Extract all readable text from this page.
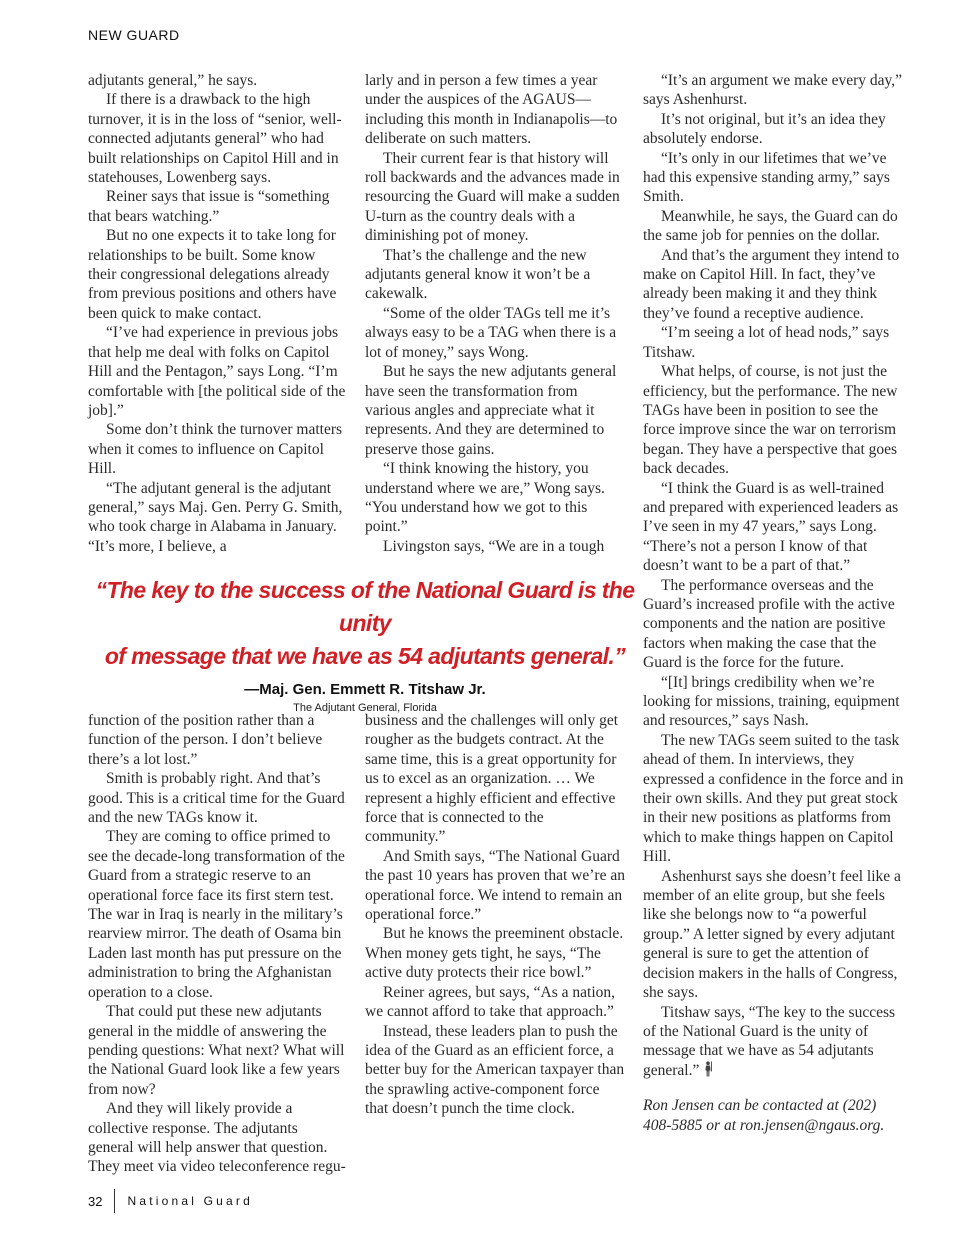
NEW GUARD

adjutants general,” he says.

If there is a drawback to the high turnover, it is in the loss of “senior, well-connected adjutants general” who had built relationships on Capitol Hill and in statehouses, Lowenberg says.

Reiner says that issue is “something that bears watching.”

But no one expects it to take long for relationships to be built. Some know their congressional delegations already from previous positions and others have been quick to make contact.

“I’ve had experience in previous jobs that help me deal with folks on Capitol Hill and the Pentagon,” says Long. “I’m comfortable with [the political side of the job].”

Some don’t think the turnover matters when it comes to influence on Capitol Hill.

“The adjutant general is the adjutant general,” says Maj. Gen. Perry G. Smith, who took charge in Alabama in January. “It’s more, I believe, a

larly and in person a few times a year under the auspices of the AGAUS—including this month in Indianapolis—to deliberate on such matters.

Their current fear is that history will roll backwards and the advances made in resourcing the Guard will make a sudden U-turn as the country deals with a diminishing pot of money.

That’s the challenge and the new adjutants general know it won’t be a cakewalk.

“Some of the older TAGs tell me it’s always easy to be a TAG when there is a lot of money,” says Wong.

But he says the new adjutants general have seen the transformation from various angles and appreciate what it represents. And they are determined to preserve those gains.

“I think knowing the history, you understand where we are,” Wong says. “You understand how we got to this point.”

Livingston says, “We are in a tough

“It’s an argument we make every day,” says Ashenhurst.

It’s not original, but it’s an idea they absolutely endorse.

“It’s only in our lifetimes that we’ve had this expensive standing army,” says Smith.

Meanwhile, he says, the Guard can do the same job for pennies on the dollar.

And that’s the argument they intend to make on Capitol Hill. In fact, they’ve already been making it and they think they’ve found a receptive audience.

“I’m seeing a lot of head nods,” says Titshaw.

What helps, of course, is not just the efficiency, but the performance. The new TAGs have been in position to see the force improve since the war on terrorism began. They have a perspective that goes back decades.

“I think the Guard is as well-trained and prepared with experienced leaders as I’ve seen in my 47 years,” says Long. “There’s not a person I know of that doesn’t want to be a part of that.”

The performance overseas and the Guard’s increased profile with the active components and the nation are positive factors when making the case that the Guard is the force for the future.

“[It] brings credibility when we’re looking for missions, training, equipment and resources,” says Nash.

The new TAGs seem suited to the task ahead of them. In interviews, they expressed a confidence in the force and in their own skills. And they put great stock in their new positions as platforms from which to make things happen on Capitol Hill.

Ashenhurst says she doesn’t feel like a member of an elite group, but she feels like she belongs now to “a powerful group.” A letter signed by every adjutant general is sure to get the attention of decision makers in the halls of Congress, she says.

Titshaw says, “The key to the success of the National Guard is the unity of message that we have as 54 adjutants general.”

Ron Jensen can be contacted at (202) 408-5885 or at ron.jensen@ngaus.org.

function of the position rather than a function of the person. I don’t believe there’s a lot lost.”

Smith is probably right. And that’s good. This is a critical time for the Guard and the new TAGs know it.

They are coming to office primed to see the decade-long transformation of the Guard from a strategic reserve to an operational force face its first stern test. The war in Iraq is nearly in the military’s rearview mirror. The death of Osama bin Laden last month has put pressure on the administration to bring the Afghanistan operation to a close.

That could put these new adjutants general in the middle of answering the pending questions: What next? What will the National Guard look like a few years from now?

And they will likely provide a collective response. The adjutants general will help answer that question. They meet via video teleconference regu-

business and the challenges will only get rougher as the budgets contract. At the same time, this is a great opportunity for us to excel as an organization. … We represent a highly efficient and effective force that is connected to the community.”

And Smith says, “The National Guard the past 10 years has proven that we’re an operational force. We intend to remain an operational force.”

But he knows the preeminent obstacle. When money gets tight, he says, “The active duty protects their rice bowl.”

Reiner agrees, but says, “As a nation, we cannot afford to take that approach.”

Instead, these leaders plan to push the idea of the Guard as an efficient force, a better buy for the American taxpayer than the sprawling active-component force that doesn’t punch the time clock.

“The key to the success of the National Guard is the unity
of message that we have as 54 adjutants general.”

—Maj. Gen. Emmett R. Titshaw Jr.

The Adjutant General, Florida

32 National Guard
